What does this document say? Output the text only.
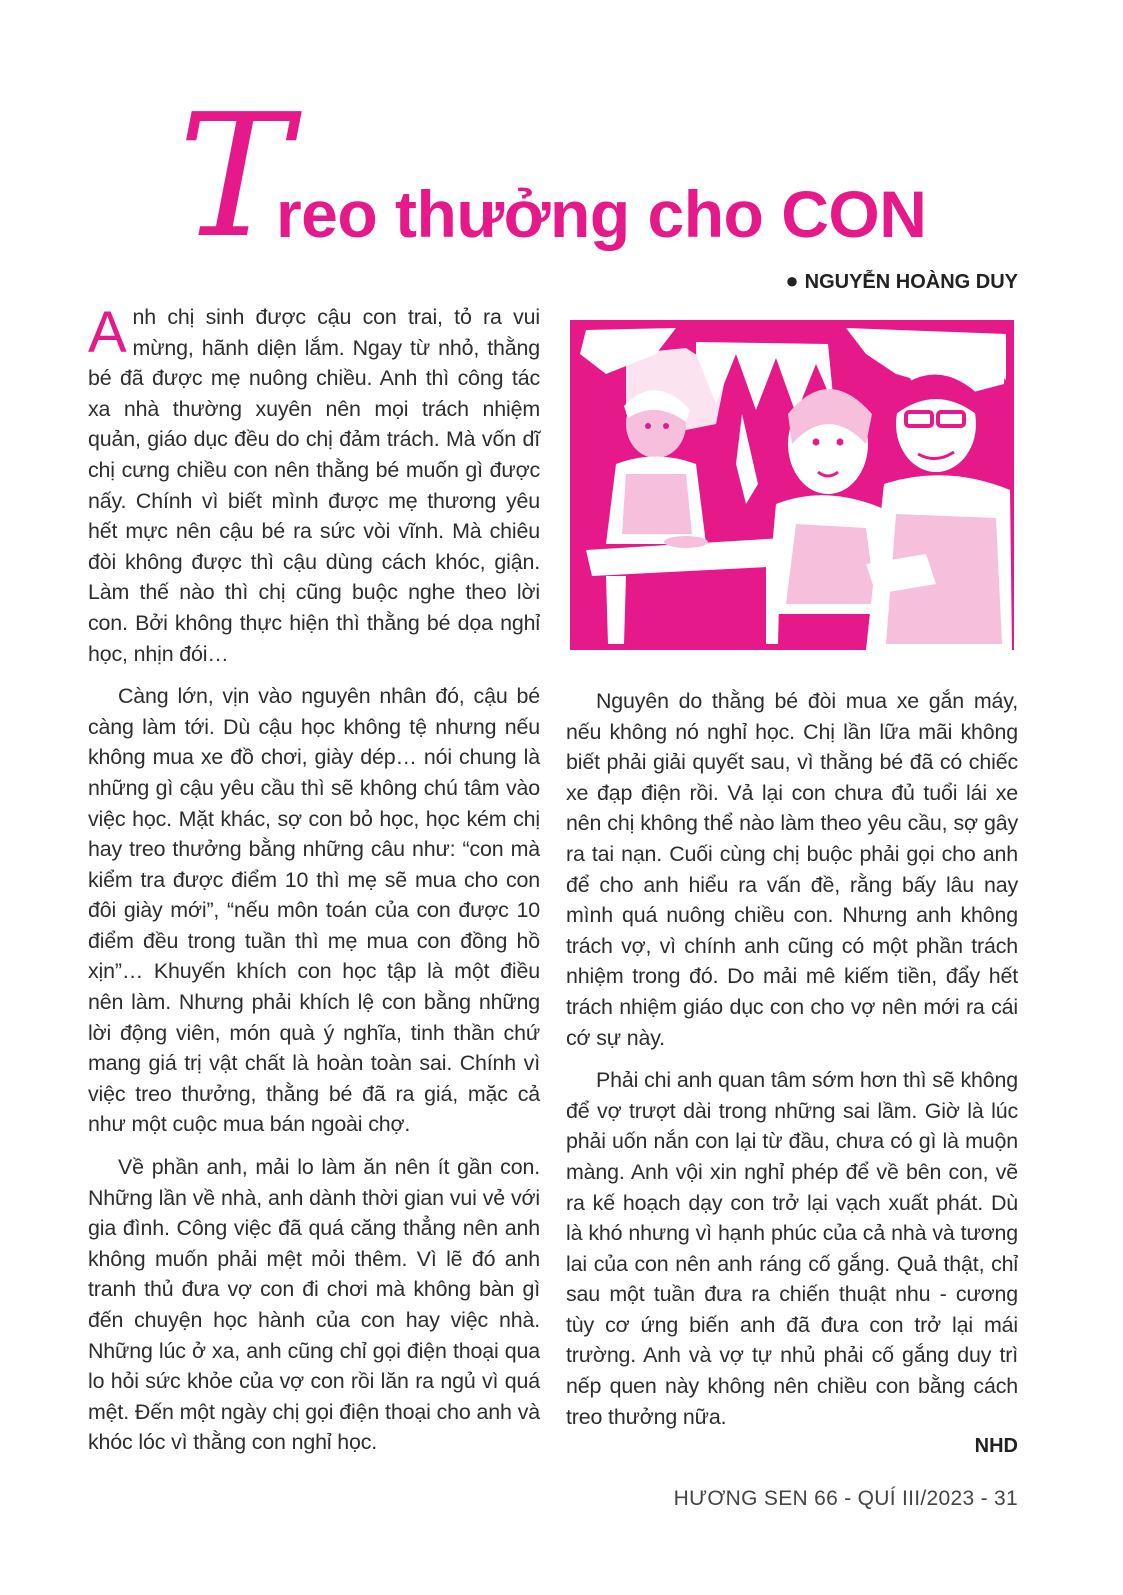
T
reo thưởng cho CON
● NGUYỄN HOÀNG DUY

Anh chị sinh được cậu con trai, tỏ ra vui mừng, hãnh diện lắm. Ngay từ nhỏ, thằng bé đã được mẹ nuông chiều. Anh thì công tác xa nhà thường xuyên nên mọi trách nhiệm quản, giáo dục đều do chị đảm trách. Mà vốn dĩ chị cưng chiều con nên thằng bé muốn gì được nấy. Chính vì biết mình được mẹ thương yêu hết mực nên cậu bé ra sức vòi vĩnh. Mà chiêu đòi không được thì cậu dùng cách khóc, giận. Làm thế nào thì chị cũng buộc nghe theo lời con. Bởi không thực hiện thì thằng bé dọa nghỉ học, nhịn đói…

Càng lớn, vịn vào nguyên nhân đó, cậu bé càng làm tới. Dù cậu học không tệ nhưng nếu không mua xe đồ chơi, giày dép… nói chung là những gì cậu yêu cầu thì sẽ không chú tâm vào việc học. Mặt khác, sợ con bỏ học, học kém chị hay treo thưởng bằng những câu như: “con mà kiểm tra được điểm 10 thì mẹ sẽ mua cho con đôi giày mới”, “nếu môn toán của con được 10 điểm đều trong tuần thì mẹ mua con đồng hồ xịn”… Khuyến khích con học tập là một điều nên làm. Nhưng phải khích lệ con bằng những lời động viên, món quà ý nghĩa, tinh thần chứ mang giá trị vật chất là hoàn toàn sai. Chính vì việc treo thưởng, thằng bé đã ra giá, mặc cả như một cuộc mua bán ngoài chợ.

Về phần anh, mải lo làm ăn nên ít gần con. Những lần về nhà, anh dành thời gian vui vẻ với gia đình. Công việc đã quá căng thẳng nên anh không muốn phải mệt mỏi thêm. Vì lẽ đó anh tranh thủ đưa vợ con đi chơi mà không bàn gì đến chuyện học hành của con hay việc nhà. Những lúc ở xa, anh cũng chỉ gọi điện thoại qua lo hỏi sức khỏe của vợ con rồi lăn ra ngủ vì quá mệt. Đến một ngày chị gọi điện thoại cho anh và khóc lóc vì thằng con nghỉ học.

Nguyên do thằng bé đòi mua xe gắn máy, nếu không nó nghỉ học. Chị lần lữa mãi không biết phải giải quyết sau, vì thằng bé đã có chiếc xe đạp điện rồi. Vả lại con chưa đủ tuổi lái xe nên chị không thể nào làm theo yêu cầu, sợ gây ra tai nạn. Cuối cùng chị buộc phải gọi cho anh để cho anh hiểu ra vấn đề, rằng bấy lâu nay mình quá nuông chiều con. Nhưng anh không trách vợ, vì chính anh cũng có một phần trách nhiệm trong đó. Do mải mê kiếm tiền, đẩy hết trách nhiệm giáo dục con cho vợ nên mới ra cái cớ sự này.

Phải chi anh quan tâm sớm hơn thì sẽ không để vợ trượt dài trong những sai lầm. Giờ là lúc phải uốn nắn con lại từ đầu, chưa có gì là muộn màng. Anh vội xin nghỉ phép để về bên con, vẽ ra kế hoạch dạy con trở lại vạch xuất phát. Dù là khó nhưng vì hạnh phúc của cả nhà và tương lai của con nên anh ráng cố gắng. Quả thật, chỉ sau một tuần đưa ra chiến thuật nhu - cương tùy cơ ứng biến anh đã đưa con trở lại mái trường. Anh và vợ tự nhủ phải cố gắng duy trì nếp quen này không nên chiều con bằng cách treo thưởng nữa.

NHD
HƯƠNG SEN 66 - QUÍ III/2023 - 31
